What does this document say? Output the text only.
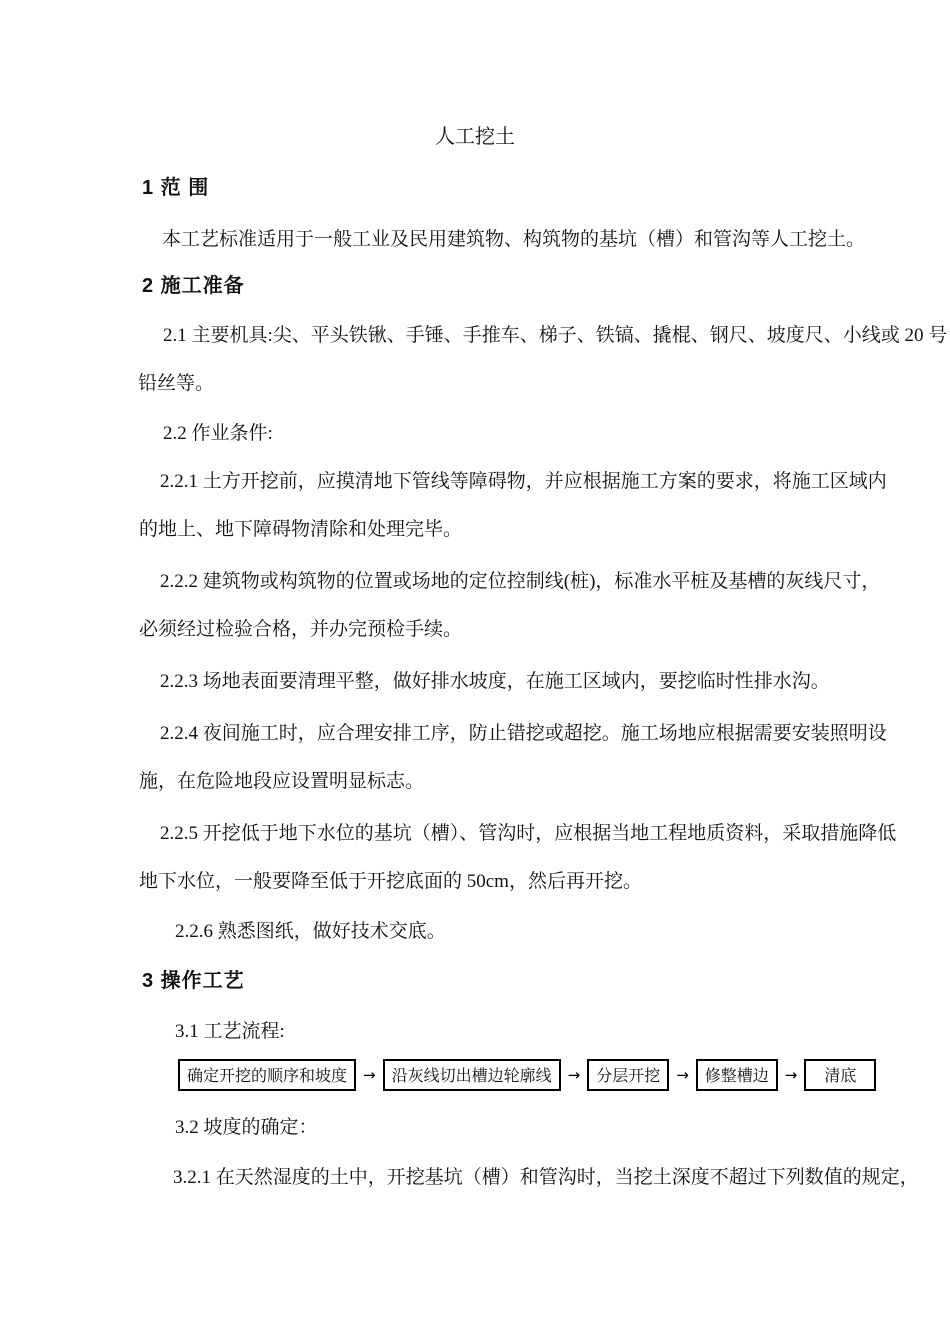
人工挖土
1 范 围
本工艺标准适用于一般工业及民用建筑物、构筑物的基坑（槽）和管沟等人工挖土。
2 施工准备
2.1 主要机具:尖、平头铁锹、手锤、手推车、梯子、铁镐、撬棍、钢尺、坡度尺、小线或 20 号
铅丝等。
2.2 作业条件:
2.2.1 土方开挖前，应摸清地下管线等障碍物，并应根据施工方案的要求，将施工区域内
的地上、地下障碍物清除和处理完毕。
2.2.2 建筑物或构筑物的位置或场地的定位控制线(桩)，标准水平桩及基槽的灰线尺寸，
必须经过检验合格，并办完预检手续。
2.2.3 场地表面要清理平整，做好排水坡度，在施工区域内，要挖临时性排水沟。
2.2.4 夜间施工时，应合理安排工序，防止错挖或超挖。施工场地应根据需要安装照明设
施，在危险地段应设置明显标志。
2.2.5 开挖低于地下水位的基坑（槽）、管沟时，应根据当地工程地质资料，采取措施降低
地下水位，一般要降至低于开挖底面的 50cm，然后再开挖。
2.2.6 熟悉图纸，做好技术交底。
3 操作工艺
3.1 工艺流程:
确定开挖的顺序和坡度	→	沿灰线切出槽边轮廓线	→	分层开挖	→	修整槽边	→	清底
3.2 坡度的确定：
3.2.1 在天然湿度的土中，开挖基坑（槽）和管沟时，当挖土深度不超过下列数值的规定，
